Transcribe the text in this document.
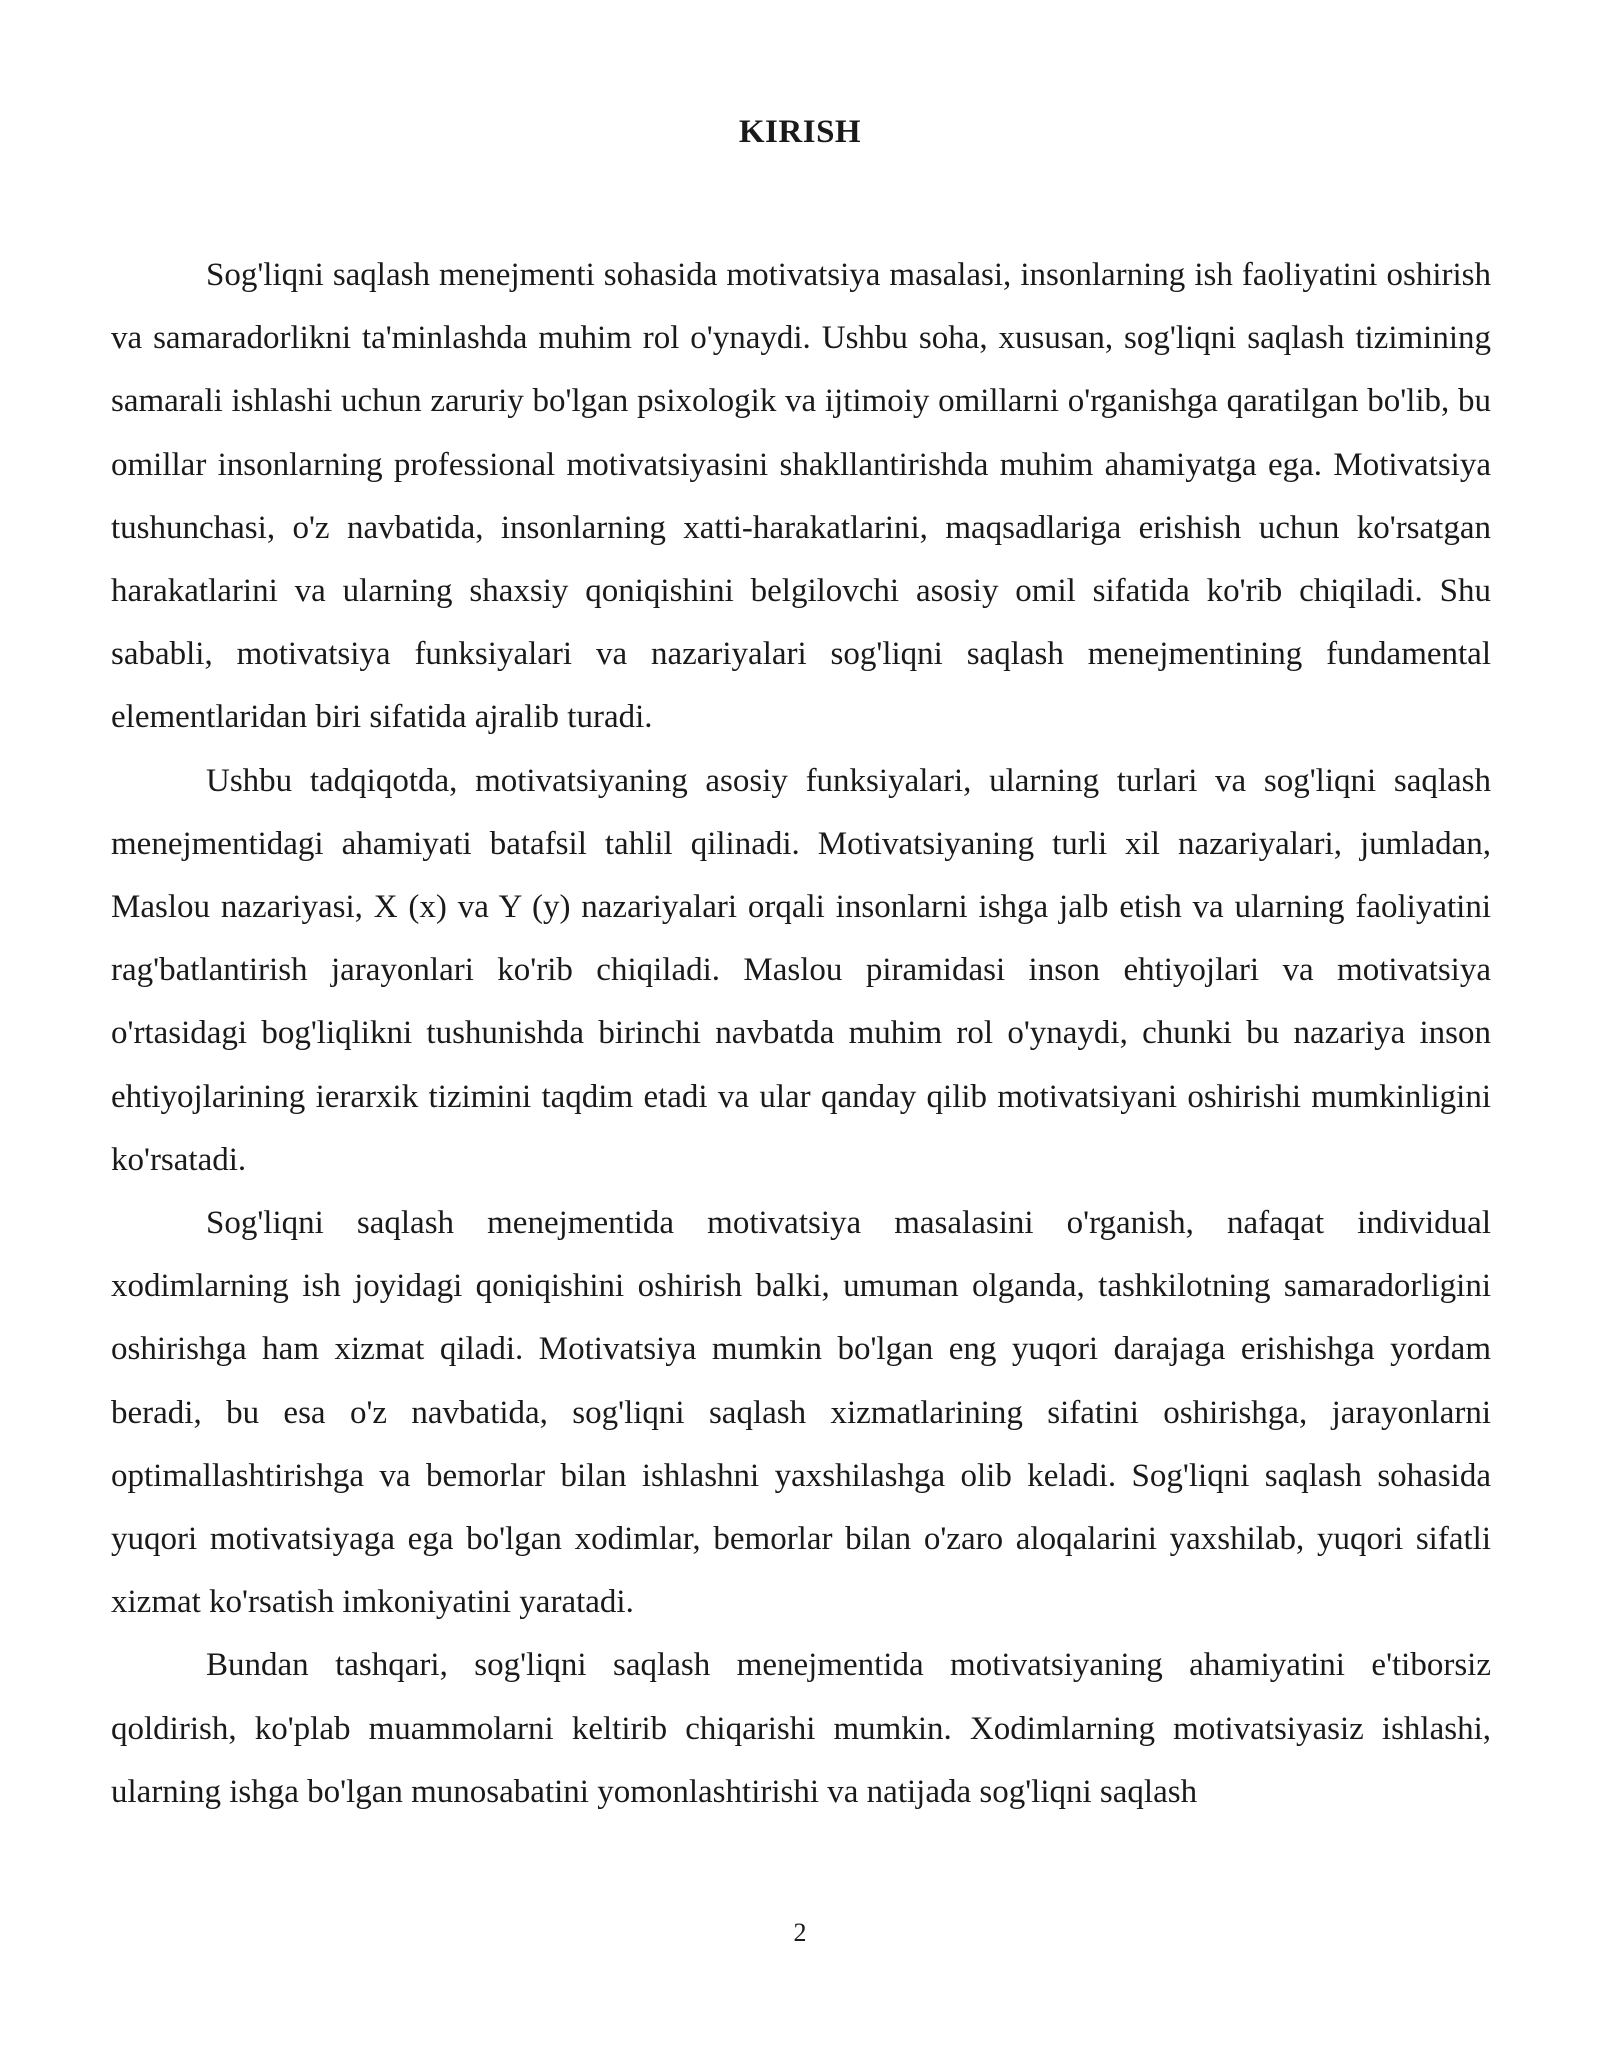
KIRISH

Sog'liqni saqlash menejmenti sohasida motivatsiya masalasi, insonlarning ish faoliyatini oshirish va samaradorlikni ta'minlashda muhim rol o'ynaydi. Ushbu soha, xususan, sog'liqni saqlash tizimining samarali ishlashi uchun zaruriy bo'lgan psixologik va ijtimoiy omillarni o'rganishga qaratilgan bo'lib, bu omillar insonlarning professional motivatsiyasini shakllantirishda muhim ahamiyatga ega. Motivatsiya tushunchasi, o'z navbatida, insonlarning xatti-harakatlarini, maqsadlariga erishish uchun ko'rsatgan harakatlarini va ularning shaxsiy qoniqishini belgilovchi asosiy omil sifatida ko'rib chiqiladi. Shu sababli, motivatsiya funksiyalari va nazariyalari sog'liqni saqlash menejmentining fundamental elementlaridan biri sifatida ajralib turadi.

Ushbu tadqiqotda, motivatsiyaning asosiy funksiyalari, ularning turlari va sog'liqni saqlash menejmentidagi ahamiyati batafsil tahlil qilinadi. Motivatsiyaning turli xil nazariyalari, jumladan, Maslou nazariyasi, X (x) va Y (y) nazariyalari orqali insonlarni ishga jalb etish va ularning faoliyatini rag'batlantirish jarayonlari ko'rib chiqiladi. Maslou piramidasi inson ehtiyojlari va motivatsiya o'rtasidagi bog'liqlikni tushunishda birinchi navbatda muhim rol o'ynaydi, chunki bu nazariya inson ehtiyojlarining ierarxik tizimini taqdim etadi va ular qanday qilib motivatsiyani oshirishi mumkinligini ko'rsatadi.

Sog'liqni saqlash menejmentida motivatsiya masalasini o'rganish, nafaqat individual xodimlarning ish joyidagi qoniqishini oshirish balki, umuman olganda, tashkilotning samaradorligini oshirishga ham xizmat qiladi. Motivatsiya mumkin bo'lgan eng yuqori darajaga erishishga yordam beradi, bu esa o'z navbatida, sog'liqni saqlash xizmatlarining sifatini oshirishga, jarayonlarni optimallashtirishga va bemorlar bilan ishlashni yaxshilashga olib keladi. Sog'liqni saqlash sohasida yuqori motivatsiyaga ega bo'lgan xodimlar, bemorlar bilan o'zaro aloqalarini yaxshilab, yuqori sifatli xizmat ko'rsatish imkoniyatini yaratadi.

Bundan tashqari, sog'liqni saqlash menejmentida motivatsiyaning ahamiyatini e'tiborsiz qoldirish, ko'plab muammolarni keltirib chiqarishi mumkin. Xodimlarning motivatsiyasiz ishlashi, ularning ishga bo'lgan munosabatini yomonlashtirishi va natijada sog'liqni saqlash

2
